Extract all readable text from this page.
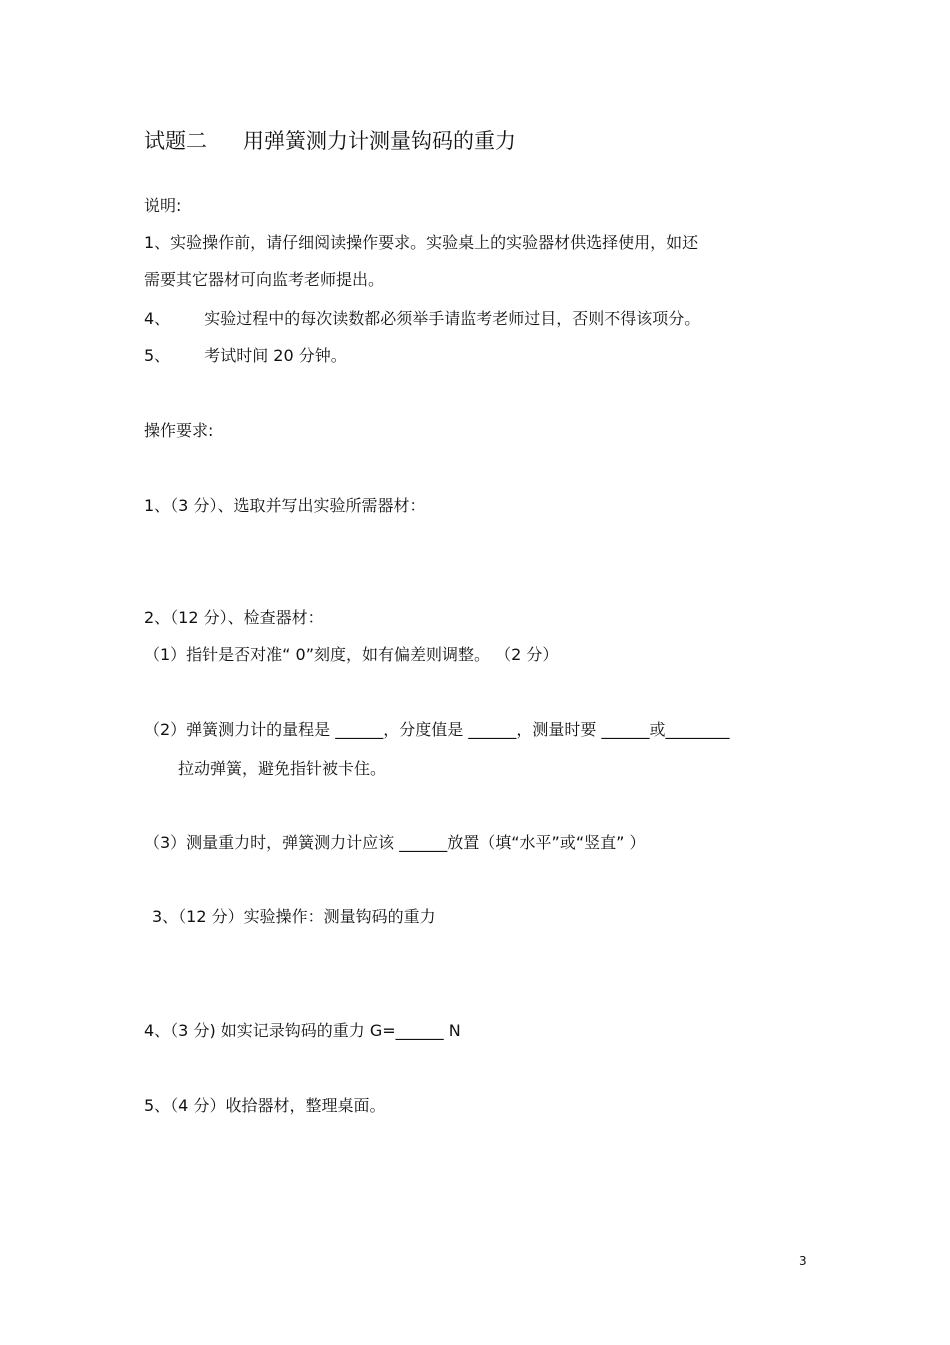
试题二 用弹簧测力计测量钩码的重力
说明:
1、实验操作前，请仔细阅读操作要求。实验桌上的实验器材供选择使用，如还
需要其它器材可向监考老师提出。
4、 实验过程中的每次读数都必须举手请监考老师过目，否则不得该项分。
5、 考试时间 20 分钟。
操作要求:
1、（3 分）、选取并写出实验所需器材：
2、（12 分）、检查器材：
（1）指针是否对准“ 0”刻度，如有偏差则调整。 （2 分）
（2）弹簧测力计的量程是 ______，分度值是 ______，测量时要 ______或________
拉动弹簧，避免指针被卡住。
（3）测量重力时，弹簧测力计应该 ______放置（填“水平”或“竖直” ）
3、（12 分）实验操作：测量钩码的重力
4、（3 分) 如实记录钩码的重力 G=______ N
5、（4 分）收拾器材，整理桌面。
3
